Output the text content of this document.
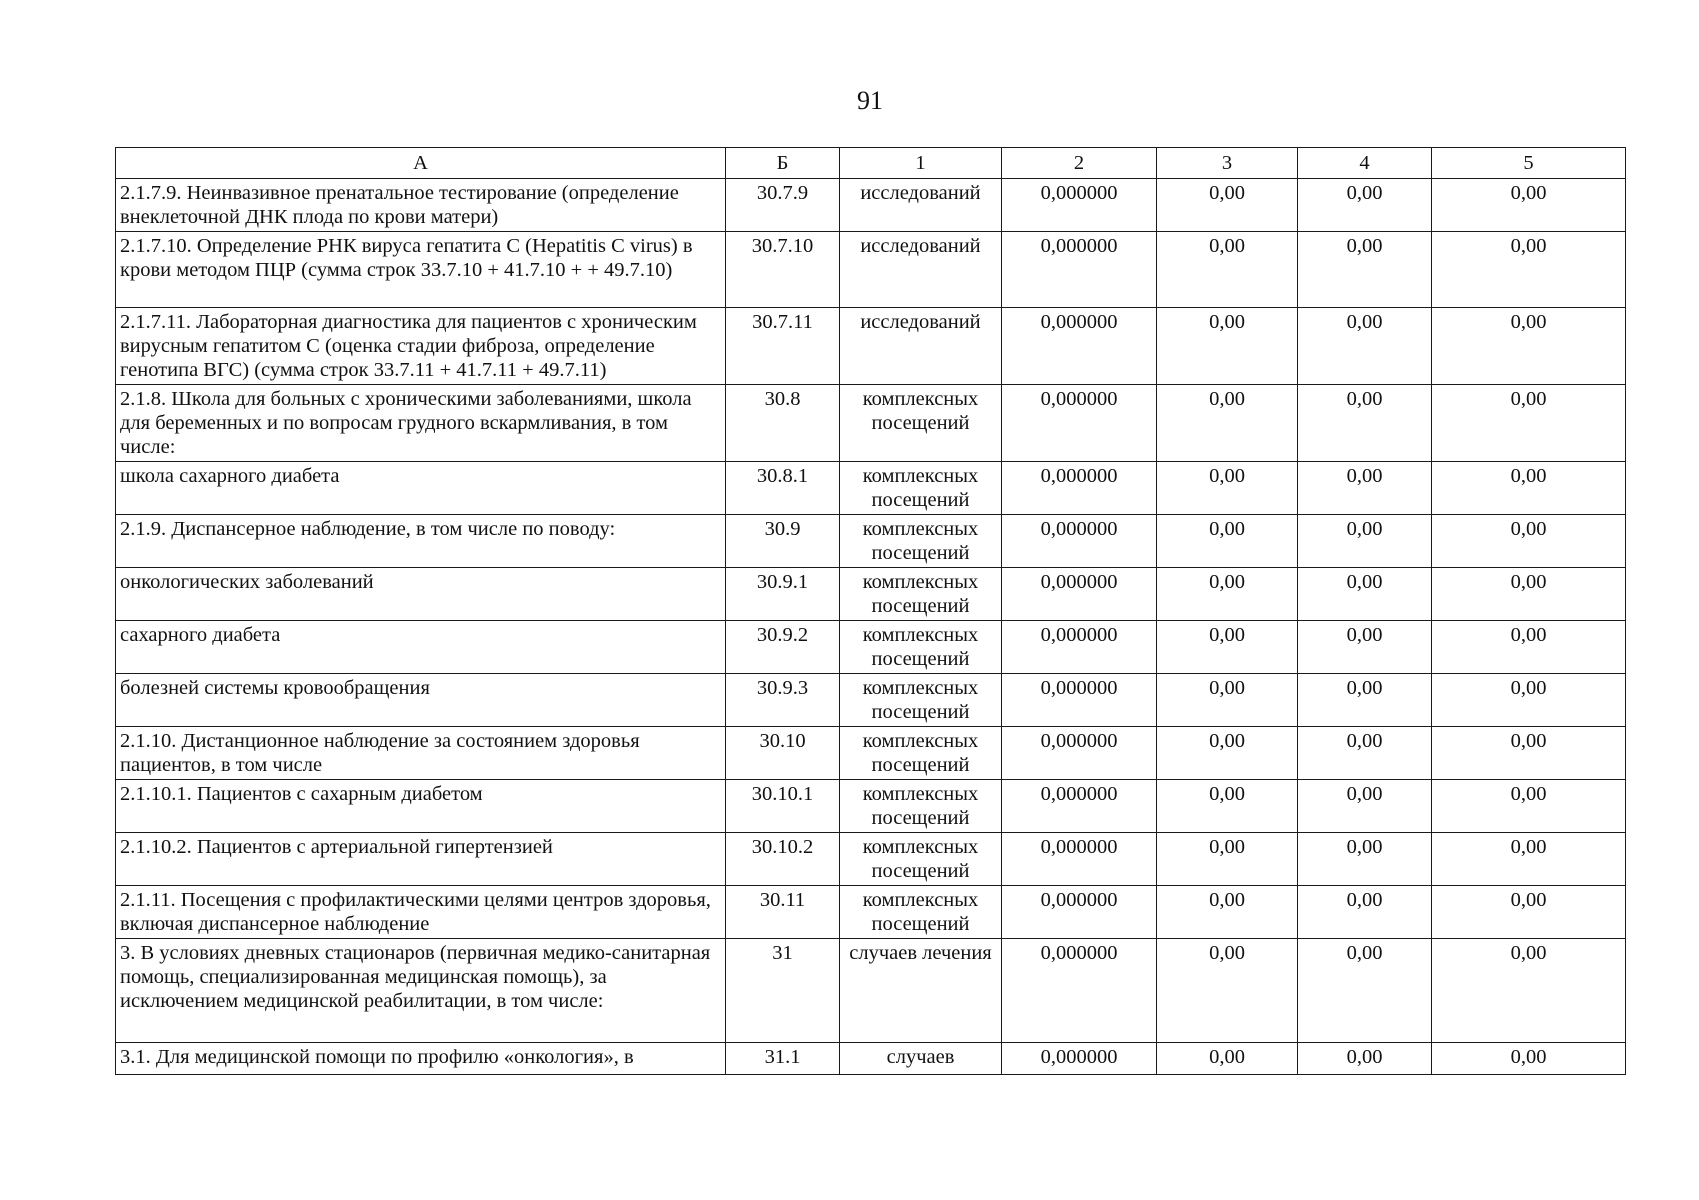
91
А	Б	1	2	3	4	5
2.1.7.9. Неинвазивное пренатальное тестирование (определение внеклеточной ДНК плода по крови матери)	30.7.9	исследований	0,000000	0,00	0,00	0,00
2.1.7.10. Определение РНК вируса гепатита С (Hepatitis C virus) в крови методом ПЦР (сумма строк 33.7.10 + 41.7.10 + + 49.7.10)	30.7.10	исследований	0,000000	0,00	0,00	0,00
2.1.7.11. Лабораторная диагностика для пациентов с хроническим вирусным гепатитом С (оценка стадии фиброза, определение генотипа ВГС) (сумма строк 33.7.11 + 41.7.11 + 49.7.11)	30.7.11	исследований	0,000000	0,00	0,00	0,00
2.1.8. Школа для больных с хроническими заболеваниями, школа для беременных и по вопросам грудного вскармливания, в том числе:	30.8	комплексных посещений	0,000000	0,00	0,00	0,00
школа сахарного диабета	30.8.1	комплексных посещений	0,000000	0,00	0,00	0,00
2.1.9. Диспансерное наблюдение, в том числе по поводу:	30.9	комплексных посещений	0,000000	0,00	0,00	0,00
онкологических заболеваний	30.9.1	комплексных посещений	0,000000	0,00	0,00	0,00
сахарного диабета	30.9.2	комплексных посещений	0,000000	0,00	0,00	0,00
болезней системы кровообращения	30.9.3	комплексных посещений	0,000000	0,00	0,00	0,00
2.1.10. Дистанционное наблюдение за состоянием здоровья пациентов, в том числе	30.10	комплексных посещений	0,000000	0,00	0,00	0,00
2.1.10.1. Пациентов с сахарным диабетом	30.10.1	комплексных посещений	0,000000	0,00	0,00	0,00
2.1.10.2. Пациентов с артериальной гипертензией	30.10.2	комплексных посещений	0,000000	0,00	0,00	0,00
2.1.11. Посещения с профилактическими целями центров здоровья, включая диспансерное наблюдение	30.11	комплексных посещений	0,000000	0,00	0,00	0,00
3. В условиях дневных стационаров (первичная медико-санитарная помощь, специализированная медицинская помощь), за исключением медицинской реабилитации, в том числе:	31	случаев лечения	0,000000	0,00	0,00	0,00
3.1. Для медицинской помощи по профилю «онкология», в	31.1	случаев	0,000000	0,00	0,00	0,00
